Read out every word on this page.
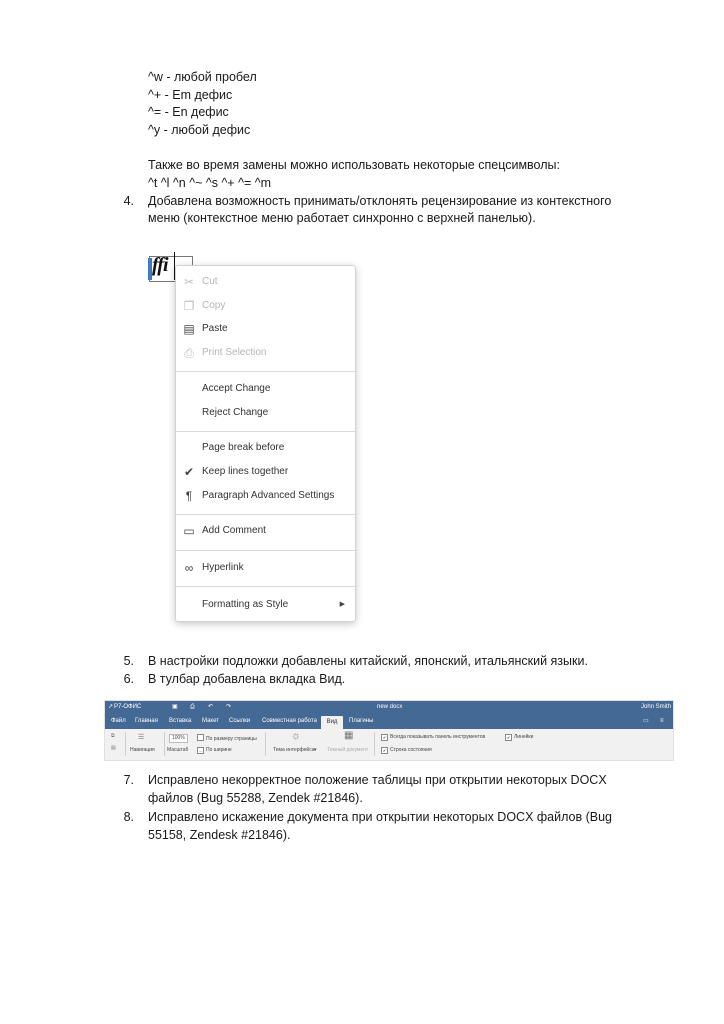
^w - любой пробел
^+ - Em дефис
^= - En дефис
^y - любой дефис
Также во время замены можно использовать некоторые спецсимволы:
^t ^l ^n ^~ ^s ^+ ^= ^m
4. Добавлена возможность принимать/отклонять рецензирование из контекстного
меню (контекстное меню работает синхронно с верхней панелью).
ffi
✂ Cut
❐ Copy
▤ Paste
⎙ Print Selection
Accept Change
Reject Change
Page break before
✔ Keep lines together
¶ Paragraph Advanced Settings
▭ Add Comment
∞ Hyperlink
Formatting as Style	▶
5. В настройки подложки добавлены китайский, японский, итальянский языки.
6. В тулбар добавлена вкладка Вид.
↗ Р7-ОФИС	▣ ⎙ ↶ ↷	new docx	John Smith
Файл Главная Вставка Макет Ссылки Совместная работа	Вид	Плагины	▭ ≡
⧉
▤
☰
Навигация
100%
Масштаб
По размеру страницы
↔ По ширине
☼
Тема интерфейса ▾
▦
Темный документ
✔ Всегда показывать панель инструментов
✔ Строка состояния
✔ Линейки
7. Исправлено некорректное положение таблицы при открытии некоторых DOCX
файлов (Bug 55288, Zendek #21846).
8. Исправлено искажение документа при открытии некоторых DOCX файлов (Bug
55158, Zendesk #21846).
